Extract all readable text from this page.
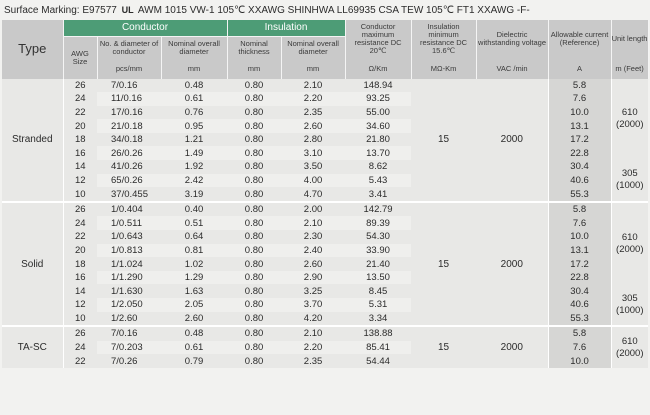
Surface Marking: E97577 UL AWM 1015 VW-1 105℃ XXAWG SHINHWA LL69935 CSA TEW 105℃ FT1 XXAWG -F-
Type	Conductor			Insulation		Conductor maximum resistance DC 20℃	Insulation minimum resistance DC 15.6℃	Dielectric withstanding voltage	Allowable current (Reference)	Unit length
	AWG Size	No. & diameter of conductor	Nominal overall diameter	Nominal thickness	Nominal overall diameter					
		pcs/mm	mm	mm	mm	Ω/Km	MΩ-Km	VAC /min	A	m (Feet)
Stranded	26	7/0.16	0.48	0.80	2.10	148.94	15	2000	5.8	610 (2000)
	24	11/0.16	0.61	0.80	2.20	93.25			7.6	
	22	17/0.16	0.76	0.80	2.35	55.00			10.0	
	20	21/0.18	0.95	0.80	2.60	34.60			13.1	
	18	34/0.18	1.21	0.80	2.80	21.80			17.2	
	16	26/0.26	1.49	0.80	3.10	13.70			22.8	
	14	41/0.26	1.92	0.80	3.50	8.62			30.4	305 (1000)
	12	65/0.26	2.42	0.80	4.00	5.43			40.6	
	10	37/0.455	3.19	0.80	4.70	3.41			55.3	
Solid	26	1/0.404	0.40	0.80	2.00	142.79	15	2000	5.8	610 (2000)
	24	1/0.511	0.51	0.80	2.10	89.39			7.6	
	22	1/0.643	0.64	0.80	2.30	54.30			10.0	
	20	1/0.813	0.81	0.80	2.40	33.90			13.1	
	18	1/1.024	1.02	0.80	2.60	21.40			17.2	
	16	1/1.290	1.29	0.80	2.90	13.50			22.8	
	14	1/1.630	1.63	0.80	3.25	8.45			30.4	305 (1000)
	12	1/2.050	2.05	0.80	3.70	5.31			40.6	
	10	1/2.60	2.60	0.80	4.20	3.34			55.3	
TA-SC	26	7/0.16	0.48	0.80	2.10	138.88	15	2000	5.8	610 (2000)
	24	7/0.203	0.61	0.80	2.20	85.41			7.6	
	22	7/0.26	0.79	0.80	2.35	54.44			10.0	
